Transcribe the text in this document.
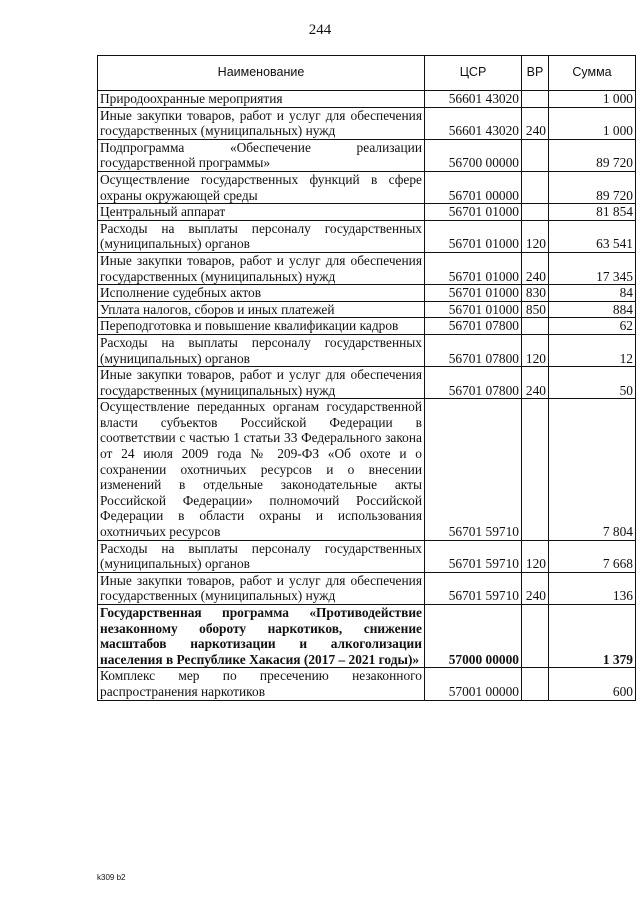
244
Наименование	ЦСР	ВР	Сумма
Природоохранные мероприятия	56601 43020		1 000
Иные закупки товаров, работ и услуг для обеспечения государственных (муниципальных) нужд	56601 43020	240	1 000
Подпрограмма «Обеспечение реализации государственной программы»	56700 00000		89 720
Осуществление государственных функций в сфере охраны окружающей среды	56701 00000		89 720
Центральный аппарат	56701 01000		81 854
Расходы на выплаты персоналу государственных (муниципальных) органов	56701 01000	120	63 541
Иные закупки товаров, работ и услуг для обеспечения государственных (муниципальных) нужд	56701 01000	240	17 345
Исполнение судебных актов	56701 01000	830	84
Уплата налогов, сборов и иных платежей	56701 01000	850	884
Переподготовка и повышение квалификации кадров	56701 07800		62
Расходы на выплаты персоналу государственных (муниципальных) органов	56701 07800	120	12
Иные закупки товаров, работ и услуг для обеспечения государственных (муниципальных) нужд	56701 07800	240	50
Осуществление переданных органам государственной власти субъектов Российской Федерации в соответствии с частью 1 статьи 33 Федерального закона от 24 июля 2009 года № 209-ФЗ «Об охоте и о сохранении охотничьих ресурсов и о внесении изменений в отдельные законодательные акты Российской Федерации» полномочий Российской Федерации в области охраны и использования охотничьих ресурсов	56701 59710		7 804
Расходы на выплаты персоналу государственных (муниципальных) органов	56701 59710	120	7 668
Иные закупки товаров, работ и услуг для обеспечения государственных (муниципальных) нужд	56701 59710	240	136
Государственная программа «Противодействие незаконному обороту наркотиков, снижение масштабов наркотизации и алкоголизации населения в Республике Хакасия (2017 – 2021 годы)»	57000 00000		1 379
Комплекс мер по пресечению незаконного распространения наркотиков	57001 00000		600
k309 b2
